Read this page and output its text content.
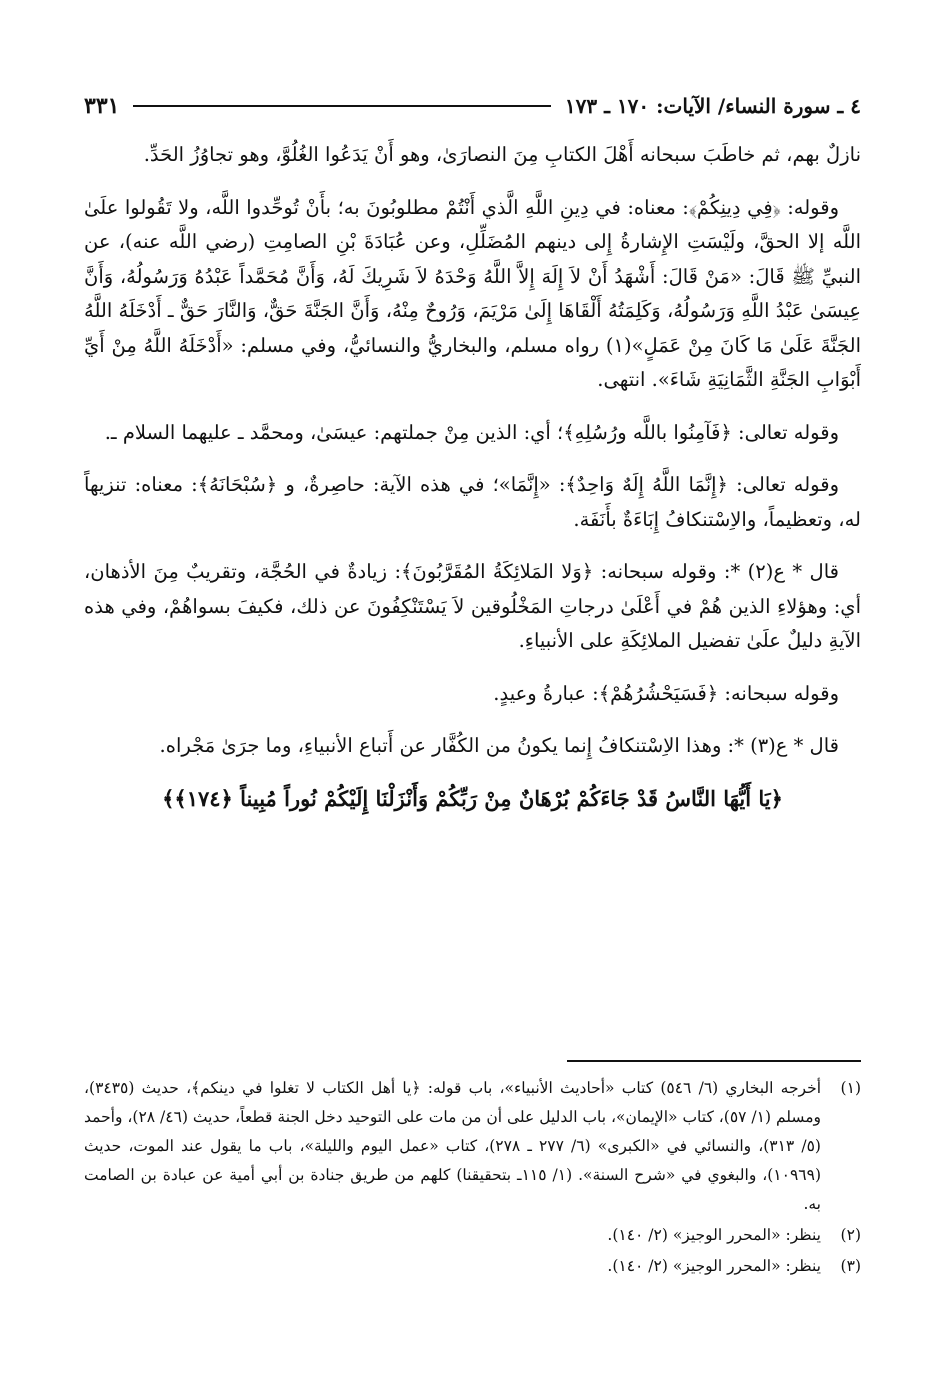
٤ ـ سورة النساء/ الآيات: ١٧٠ ـ ١٧٣
٣٣١

نازلٌ بهم، ثم خاطَبَ سبحانه أَهْلَ الكتابِ مِنَ النصارَىٰ، وهو أَنْ يَدَعُوا الغُلُوَّ، وهو تجاوُزُ الحَدِّ.

وقوله: ﴿فِي دِينِكُمْ﴾: معناه: في دِينِ اللَّهِ الَّذي أَنْتُمْ مطلوبُونَ به؛ بأَنْ تُوحِّدوا اللَّه، ولا تَقُولوا علَىٰ اللَّه إلا الحقَّ، ولَيْسَتِ الإِشارةُ إِلى دينهم المُضَلِّلِ، وعن عُبَادَةَ بْنِ الصامِتِ (رضي اللَّه عنه)، عن النبيِّ ﷺ قَالَ: «مَنْ قَالَ: أَشْهَدُ أَنْ لاَ إِلَهَ إِلاَّ اللَّهُ وَحْدَهُ لاَ شَرِيكَ لَهُ، وَأَنَّ مُحَمَّداً عَبْدُهُ وَرَسُولُهُ، وَأَنَّ عِيسَىٰ عَبْدُ اللَّهِ وَرَسُولُهُ، وَكَلِمَتُهُ أَلْقَاهَا إِلَىٰ مَرْيَمَ، وَرُوحٌ مِنْهُ، وَأَنَّ الجَنَّةَ حَقٌّ، وَالنَّارَ حَقٌّ ـ أَدْخَلَهُ اللَّهُ الجَنَّةَ عَلَىٰ مَا كَانَ مِنْ عَمَلٍ»(١) رواه مسلم، والبخاريُّ والنسائيُّ، وفي مسلم: «أَدْخَلَهُ اللَّهُ مِنْ أَيِّ أَبْوَابِ الجَنَّةِ الثَّمَانِيَةِ شَاءَ». انتهى.

وقوله تعالى: ﴿فَآمِنُوا باللَّه ورُسُلِهِ﴾؛ أي: الذين مِنْ جملتهم: عيسَىٰ، ومحمَّد ـ عليهما السلام ـ.

وقوله تعالى: ﴿إِنَّمَا اللَّهُ إِلَهٌ وَاحِدٌ﴾: «إِنَّمَا»؛ في هذه الآية: حاصِرةٌ، و ﴿سُبْحَانَهُ﴾: معناه: تنزيهاً له، وتعظيماً، والاِسْتنكافُ إِبَاءَةٌ بأَنَفَة.

قال * ع(٢) *: وقوله سبحانه: ﴿وَلا المَلائِكَةُ المُقَرَّبُونَ﴾: زيادةٌ في الحُجَّة، وتقريبٌ مِنَ الأذهان، أي: وهؤلاءِ الذين هُمْ في أَعْلَىٰ درجاتِ المَخْلُوقين لاَ يَسْتَنْكِفُونَ عن ذلك، فكيفَ بسواهُمْ، وفي هذه الآيةِ دليلٌ علَىٰ تفضيل الملائِكَةِ على الأنبياءِ.

وقوله سبحانه: ﴿فَسَيَحْشُرُهُمْ﴾: عبارةُ وعيدٍ.

قال * ع(٣) *: وهذا الاِسْتنكافُ إِنما يكونُ من الكُفَّار عن أَتباع الأنبياءِ، وما جرَىٰ مَجْراه.

﴿يَا أَيُّهَا النَّاسُ قَدْ جَاءَكُمْ بُرْهَانٌ مِنْ رَبِّكُمْ وَأَنْزَلْنَا إِلَيْكُمْ نُوراً مُبِيناً ﴿١٧٤﴾﴾

(١)
أخرجه البخاري (٦/ ٥٤٦) كتاب «أحاديث الأنبياء»، باب قوله: ﴿يا أهل الكتاب لا تغلوا في دينكم﴾، حديث (٣٤٣٥)، ومسلم (١/ ٥٧)، كتاب «الإيمان»، باب الدليل على أن من مات على التوحيد دخل الجنة قطعاً، حديث (٤٦/ ٢٨)، وأحمد (٥/ ٣١٣)، والنسائي في «الكبرى» (٦/ ٢٧٧ ـ ٢٧٨)، كتاب «عمل اليوم والليلة»، باب ما يقول عند الموت، حديث (١٠٩٦٩)، والبغوي في «شرح السنة». (١/ ١١٥ـ بتحقيقنا) كلهم من طريق جنادة بن أبي أمية عن عبادة بن الصامت به.
(٢)
ينظر: «المحرر الوجيز» (٢/ ١٤٠).
(٣)
ينظر: «المحرر الوجيز» (٢/ ١٤٠).
